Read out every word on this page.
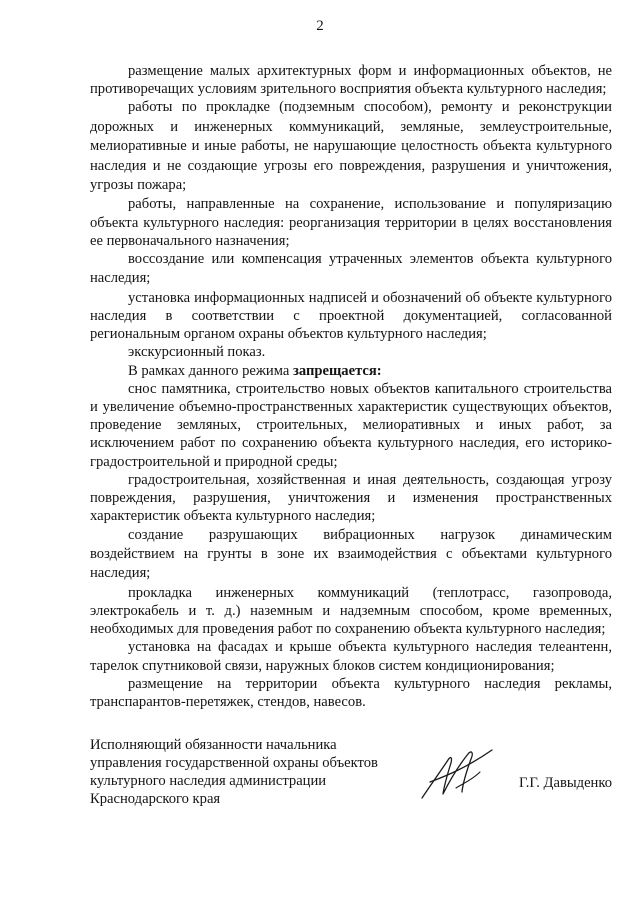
2

размещение малых архитектурных форм и информационных объектов, не противоречащих условиям зрительного восприятия объекта культурного наследия;

работы по прокладке (подземным способом), ремонту и реконструкции дорожных и инженерных коммуникаций, земляные, землеустроительные, мелиоративные и иные работы, не нарушающие целостность объекта культурного наследия и не создающие угрозы его повреждения, разрушения и уничтожения, угрозы пожара;

работы, направленные на сохранение, использование и популяризацию объекта культурного наследия: реорганизация территории в целях восстановления ее первоначального назначения;

воссоздание или компенсация утраченных элементов объекта культурного наследия;

установка информационных надписей и обозначений об объекте культурного наследия в соответствии с проектной документацией, согласованной региональным органом охраны объектов культурного наследия;

экскурсионный показ.

В рамках данного режима запрещается:

снос памятника, строительство новых объектов капитального строительства и увеличение объемно-пространственных характеристик существующих объектов, проведение земляных, строительных, мелиоративных и иных работ, за исключением работ по сохранению объекта культурного наследия, его историко-градостроительной и природной среды;

градостроительная, хозяйственная и иная деятельность, создающая угрозу повреждения, разрушения, уничтожения и изменения пространственных характеристик объекта культурного наследия;

создание разрушающих вибрационных нагрузок динамическим воздействием на грунты в зоне их взаимодействия с объектами культурного наследия;

прокладка инженерных коммуникаций (теплотрасс, газопровода, электрокабель и т. д.) наземным и надземным способом, кроме временных, необходимых для проведения работ по сохранению объекта культурного наследия;

установка на фасадах и крыше объекта культурного наследия телеантенн, тарелок спутниковой связи, наружных блоков систем кондиционирования;

размещение на территории объекта культурного наследия рекламы, транспарантов-перетяжек, стендов, навесов.

Исполняющий обязанности начальника

управления государственной охраны объектов

культурного наследия администрации

Краснодарского края

Г.Г. Давыденко
